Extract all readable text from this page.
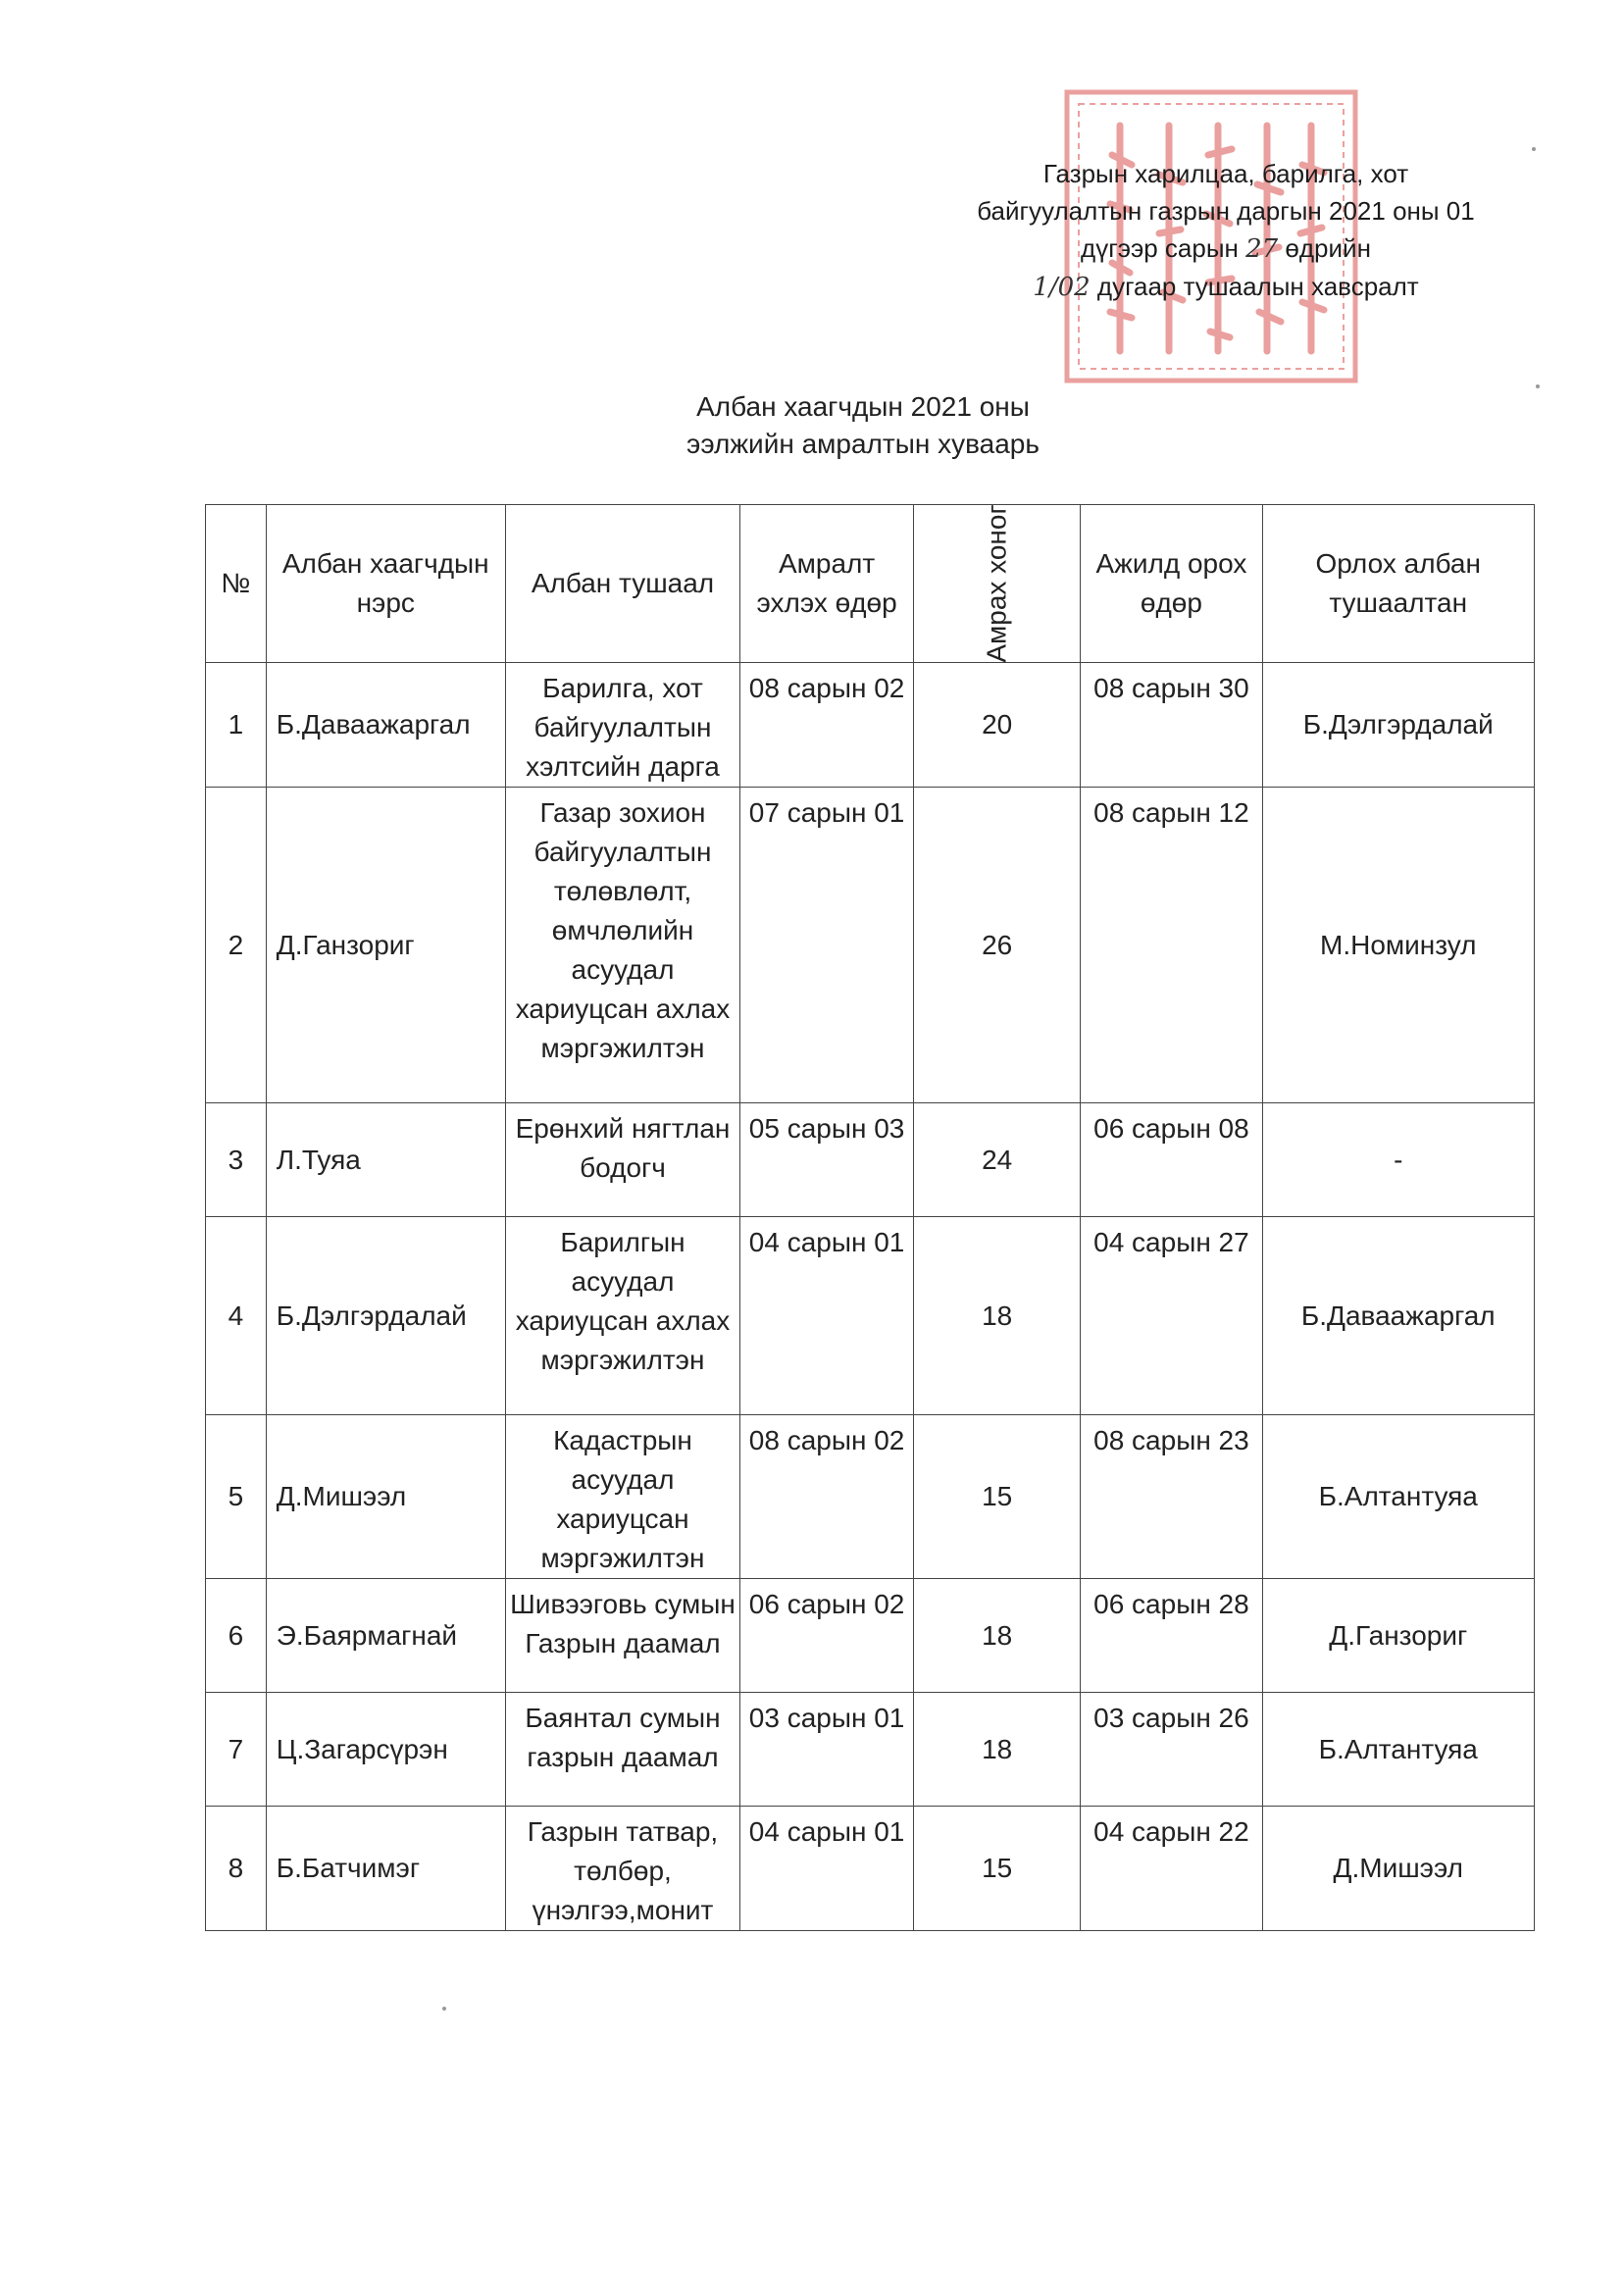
Газрын харилцаа, барилга, хот
байгуулалтын газрын даргын 2021 оны 01
дүгээр сарын 27 өдрийн
1/02 дугаар тушаалын хавсралт
Албан хаагчдын 2021 оны
ээлжийн амралтын хуваарь
№	Албан хаагчдын нэрс	Албан тушаал	Амралт эхлэх өдөр	Амрах хоног	Ажилд орох өдөр	Орлох албан тушаалтан
1	Б.Даваажаргал	Барилга, хот байгуулалтын хэлтсийн дарга	08 сарын 02	20	08 сарын 30	Б.Дэлгэрдалай
2	Д.Ганзориг	Газар зохион байгуулалтын төлөвлөлт, өмчлөлийн асуудал хариуцсан ахлах мэргэжилтэн	07 сарын 01	26	08 сарын 12	М.Номинзул
3	Л.Туяа	Ерөнхий нягтлан бодогч	05 сарын 03	24	06 сарын 08	-
4	Б.Дэлгэрдалай	Барилгын асуудал хариуцсан ахлах мэргэжилтэн	04 сарын 01	18	04 сарын 27	Б.Даваажаргал
5	Д.Мишээл	Кадастрын асуудал хариуцсан мэргэжилтэн	08 сарын 02	15	08 сарын 23	Б.Алтантуяа
6	Э.Баярмагнай	Шивээговь сумын Газрын даамал	06 сарын 02	18	06 сарын 28	Д.Ганзориг
7	Ц.Загарсүрэн	Баянтал сумын газрын даамал	03 сарын 01	18	03 сарын 26	Б.Алтантуяа
8	Б.Батчимэг	Газрын татвар, төлбөр, үнэлгээ,монит	04 сарын 01	15	04 сарын 22	Д.Мишээл
